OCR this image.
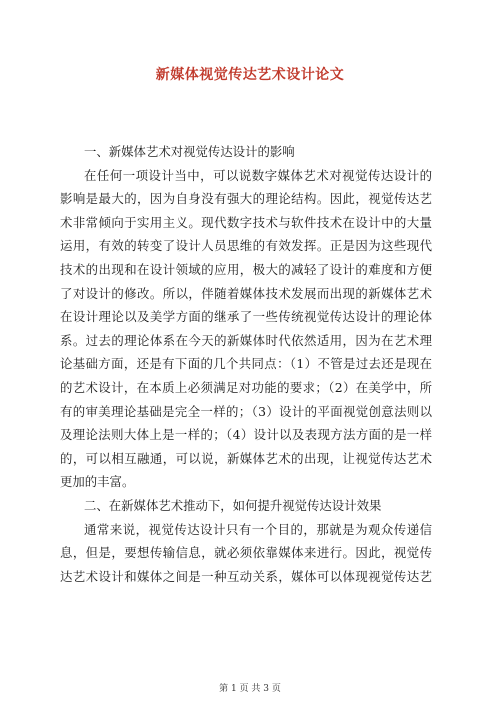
新媒体视觉传达艺术设计论文
一、新媒体艺术对视觉传达设计的影响
在任何一项设计当中，可以说数字媒体艺术对视觉传达设计的
影响是最大的，因为自身没有强大的理论结构。因此，视觉传达艺
术非常倾向于实用主义。现代数字技术与软件技术在设计中的大量
运用，有效的转变了设计人员思维的有效发挥。正是因为这些现代
技术的出现和在设计领域的应用，极大的减轻了设计的难度和方便
了对设计的修改。所以，伴随着媒体技术发展而出现的新媒体艺术
在设计理论以及美学方面的继承了一些传统视觉传达设计的理论体
系。过去的理论体系在今天的新媒体时代依然适用，因为在艺术理
论基础方面，还是有下面的几个共同点：（1）不管是过去还是现在
的艺术设计，在本质上必须满足对功能的要求；（2）在美学中，所
有的审美理论基础是完全一样的；（3）设计的平面视觉创意法则以
及理论法则大体上是一样的；（4）设计以及表现方法方面的是一样
的，可以相互融通，可以说，新媒体艺术的出现，让视觉传达艺术
更加的丰富。
二、在新媒体艺术推动下，如何提升视觉传达设计效果
通常来说，视觉传达设计只有一个目的，那就是为观众传递信
息，但是，要想传输信息，就必须依靠媒体来进行。因此，视觉传
达艺术设计和媒体之间是一种互动关系，媒体可以体现视觉传达艺
第 1 页 共 3 页
